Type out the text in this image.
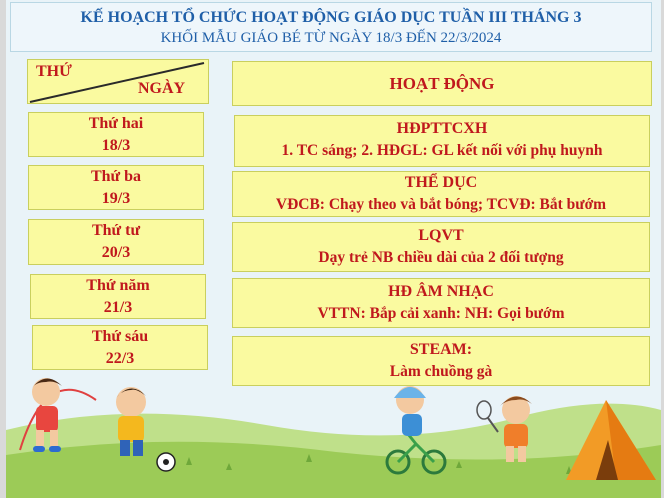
KẾ HOẠCH TỔ CHỨC HOẠT ĐỘNG GIÁO DỤC TUẦN III THÁNG 3
KHỐI MẪU GIÁO BÉ TỪ NGÀY 18/3 ĐẾN 22/3/2024
THỨ
NGÀY	HOẠT ĐỘNG
Thứ hai
18/3
Thứ ba
19/3
Thứ tư
20/3
Thứ năm
21/3
Thứ sáu
22/3
HĐPTTCXH
1. TC sáng; 2. HĐGL: GL kết nối với phụ huynh
THỂ DỤC
VĐCB: Chạy theo và bắt bóng; TCVĐ: Bắt bướm
LQVT
Dạy trẻ NB chiều dài của 2 đối tượng
HĐ ÂM NHẠC
VTTN: Bắp cải xanh: NH: Gọi bướm
STEAM:
Làm chuồng gà
